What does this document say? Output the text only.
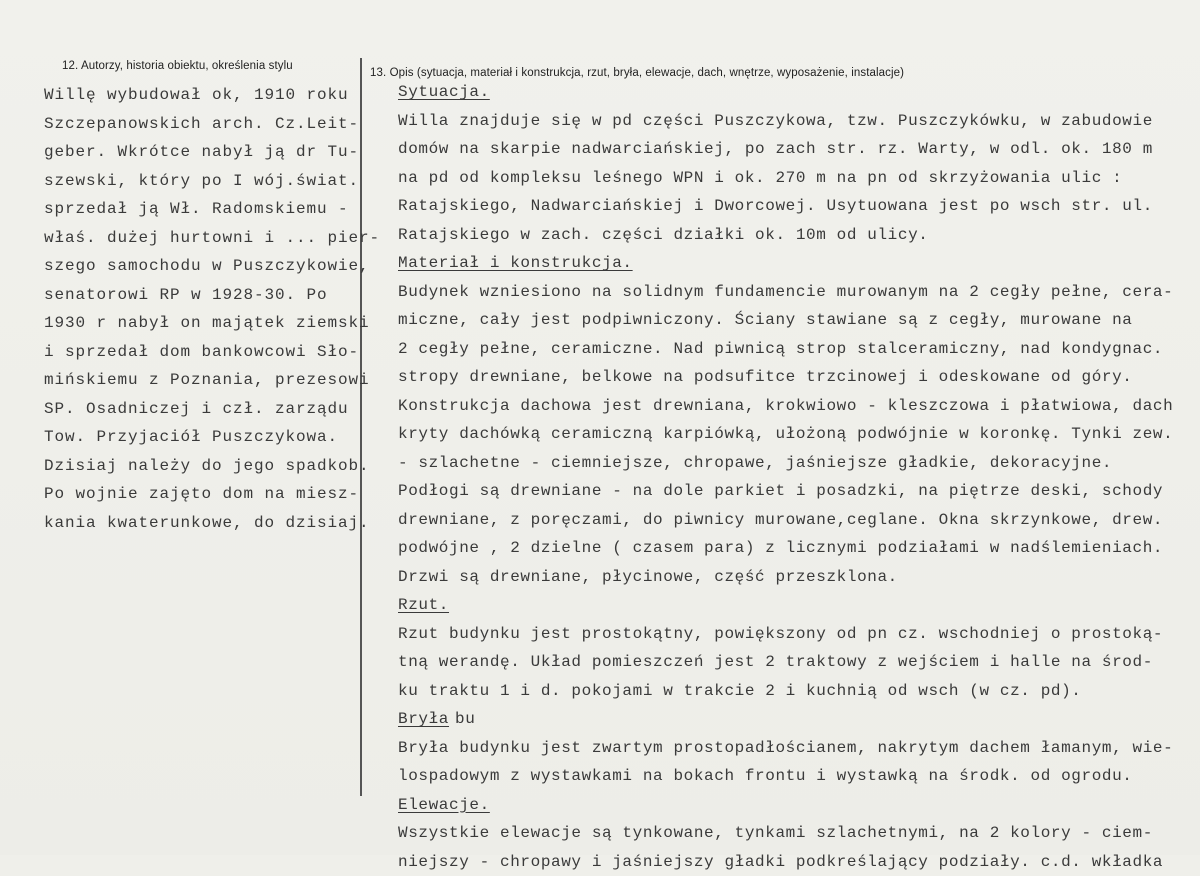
12. Autorzy, historia obiektu, określenia stylu
13. Opis (sytuacja, materiał i konstrukcja, rzut, bryła, elewacje, dach, wnętrze, wyposażenie, instalacje)
Willę wybudował ok, 1910 roku
Szczepanowskich arch. Cz.Leit-
geber. Wkrótce nabył ją dr Tu-
szewski, który po I wój.świat.
sprzedał ją Wł. Radomskiemu -
właś. dużej hurtowni i ... pier-
szego samochodu w Puszczykowie,
senatorowi RP w 1928-30. Po
1930 r nabył on majątek ziemski
i sprzedał dom bankowcowi Sło-
mińskiemu z Poznania, prezesowi
SP. Osadniczej i czł. zarządu
Tow. Przyjaciół Puszczykowa.
Dzisiaj należy do jego spadkob.
Po wojnie zajęto dom na miesz-
kania kwaterunkowe, do dzisiaj.
Sytuacja.
Willa znajduje się w pd części Puszczykowa, tzw. Puszczykówku, w zabudowie
domów na skarpie nadwarciańskiej, po zach str. rz. Warty, w odl. ok. 180 m
na pd od kompleksu leśnego WPN i ok. 270 m na pn od skrzyżowania ulic :
Ratajskiego, Nadwarciańskiej i Dworcowej. Usytuowana jest po wsch str. ul.
Ratajskiego w zach. części działki ok. 10m od ulicy.
Materiał i konstrukcja.
Budynek wzniesiono na solidnym fundamencie murowanym na 2 cegły pełne, cera-
miczne, cały jest podpiwniczony. Ściany stawiane są z cegły, murowane na
2 cegły pełne, ceramiczne. Nad piwnicą strop stalceramiczny, nad kondygnac.
stropy drewniane, belkowe na podsufitce trzcinowej i odeskowane od góry.
Konstrukcja dachowa jest drewniana, krokwiowo - kleszczowa i płatwiowa, dach
kryty dachówką ceramiczną karpiówką, ułożoną podwójnie w koronkę. Tynki zew.
- szlachetne - ciemniejsze, chropawe, jaśniejsze gładkie, dekoracyjne.
Podłogi są drewniane - na dole parkiet i posadzki, na piętrze deski, schody
drewniane, z poręczami, do piwnicy murowane,ceglane. Okna skrzynkowe, drew.
podwójne , 2 dzielne ( czasem para) z licznymi podziałami w nadślemieniach.
Drzwi są drewniane, płycinowe, część przeszklona.
Rzut.
Rzut budynku jest prostokątny, powiększony od pn cz. wschodniej o prostoką-
tną werandę. Układ pomieszczeń jest 2 traktowy z wejściem i halle na środ-
ku traktu 1 i d. pokojami w trakcie 2 i kuchnią od wsch (w cz. pd).
Bryła bu
Bryła budynku jest zwartym prostopadłościanem, nakrytym dachem łamanym, wie-
lospadowym z wystawkami na bokach frontu i wystawką na środk. od ogrodu.
Elewacje.
Wszystkie elewacje są tynkowane, tynkami szlachetnymi, na 2 kolory - ciem-
niejszy - chropawy i jaśniejszy gładki podkreślający podziały. c.d. wkładka
